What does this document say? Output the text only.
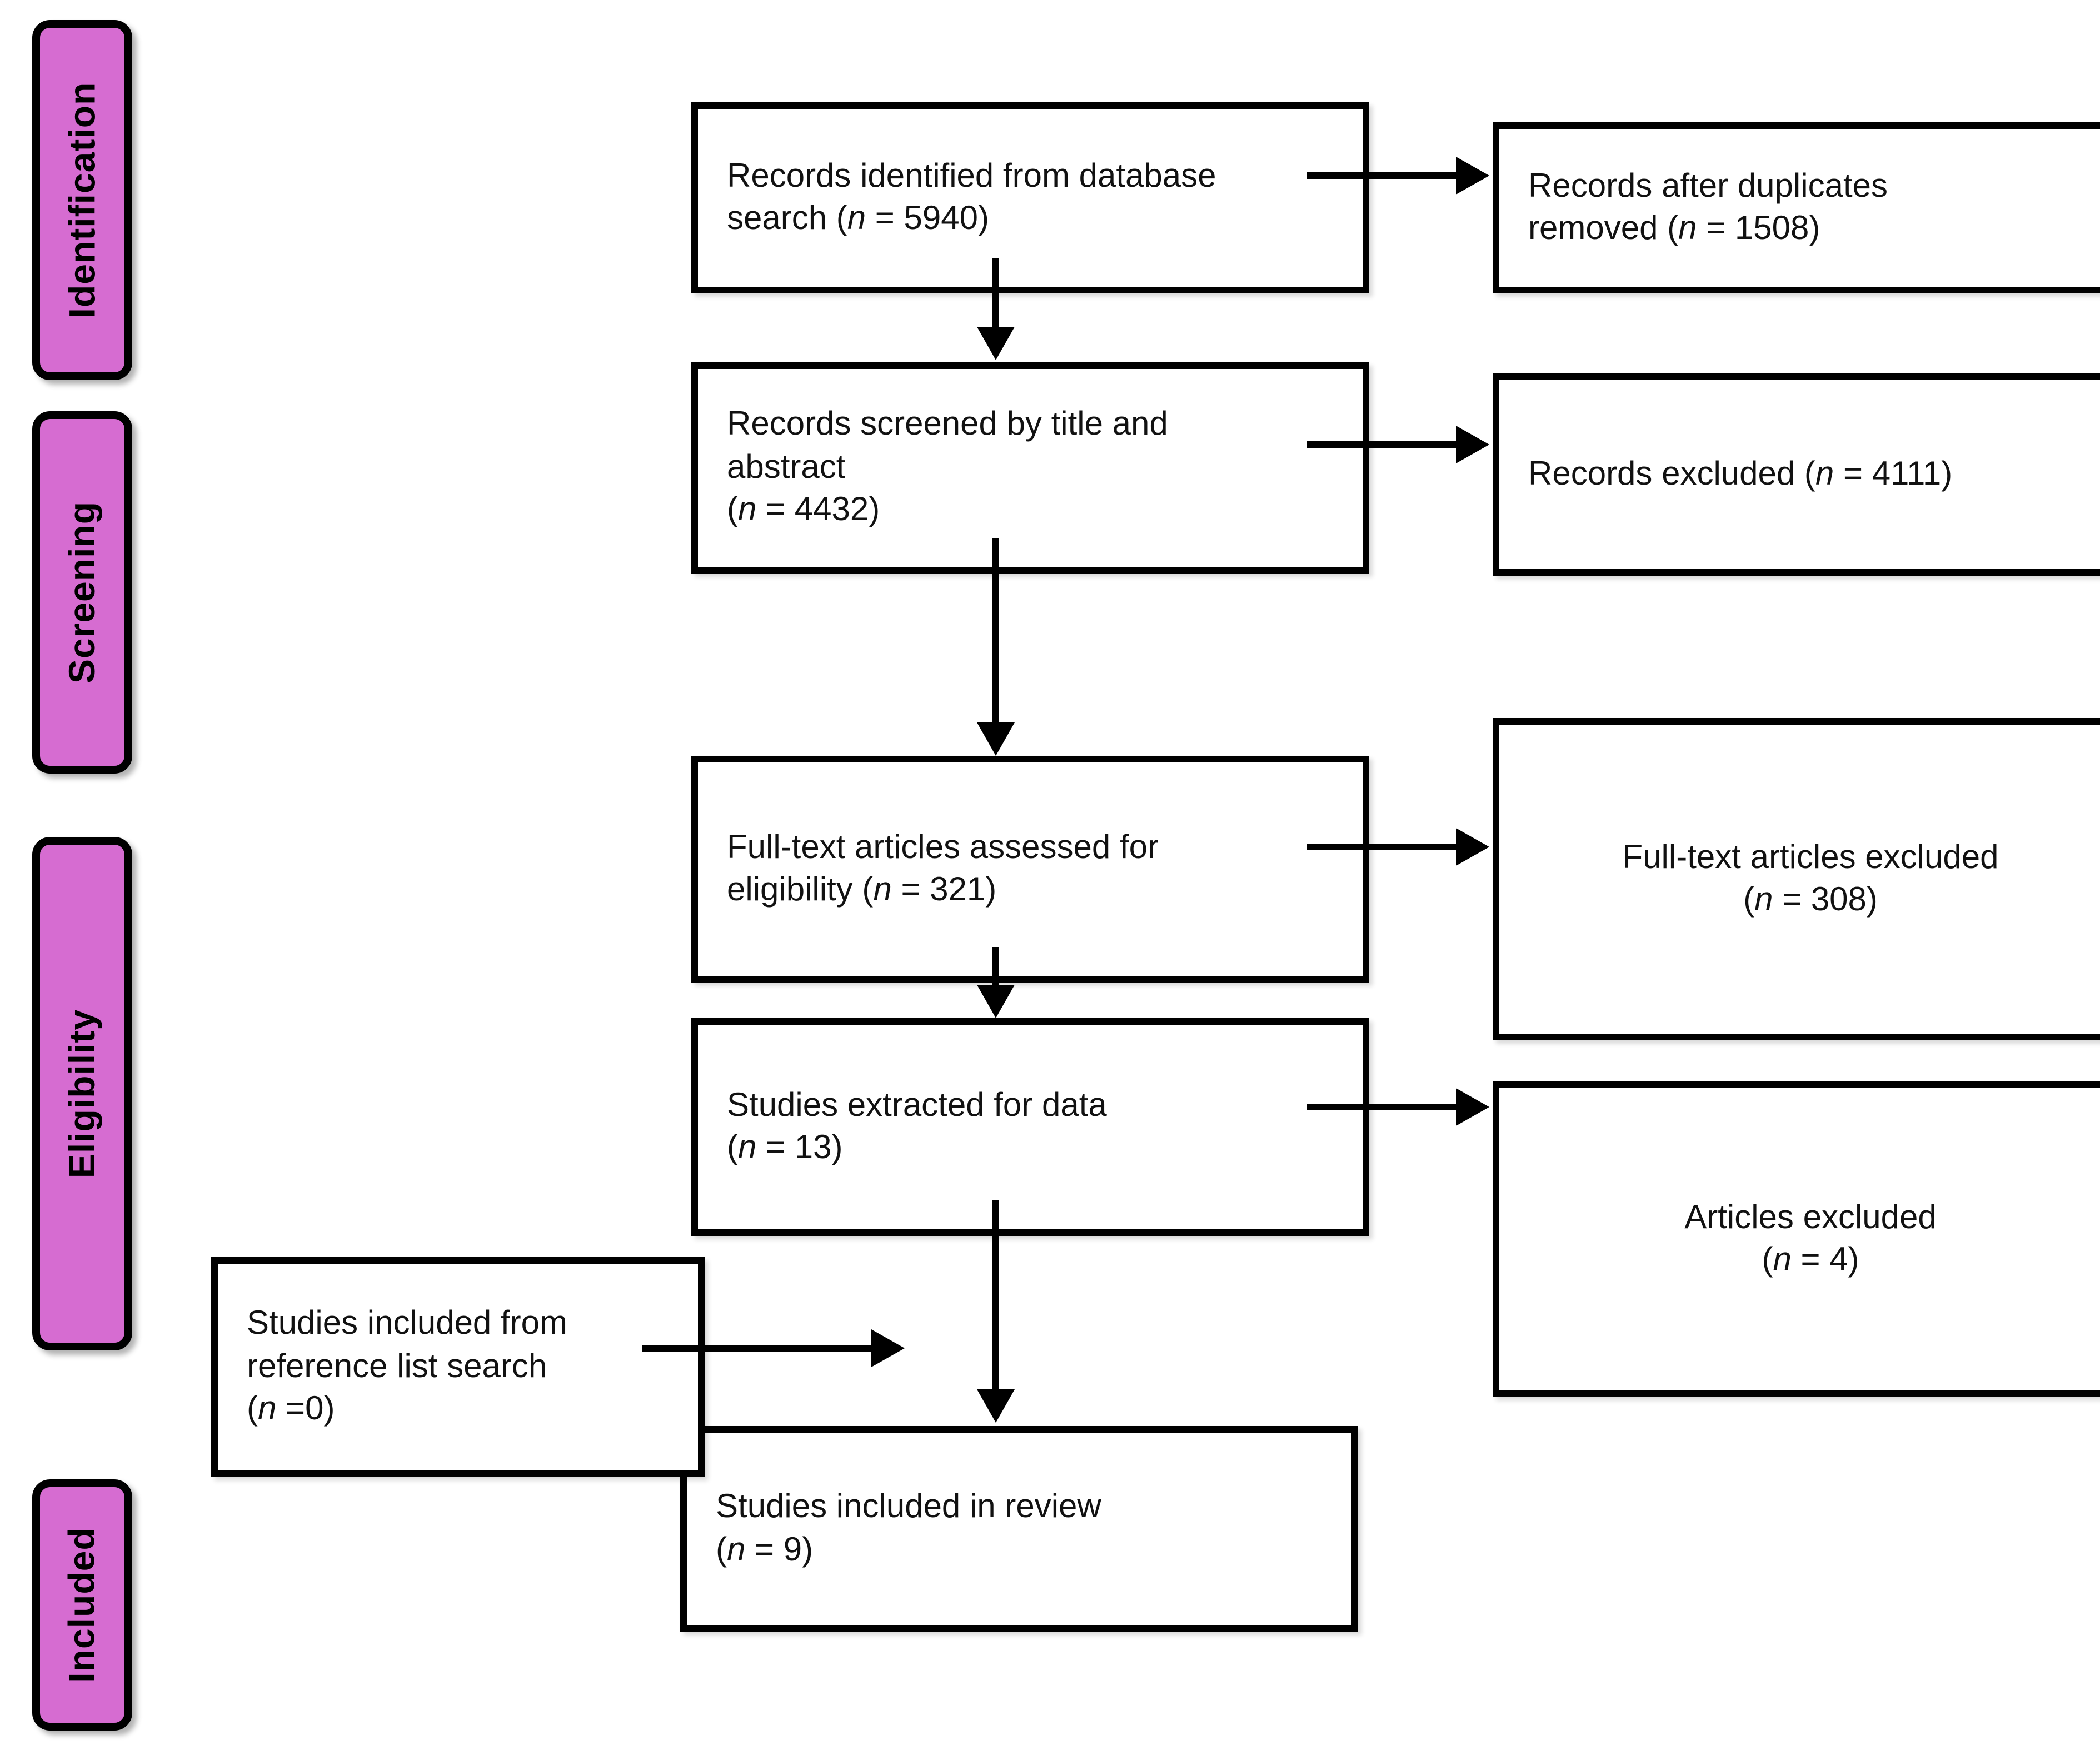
Identification
Screening
Eligibility
Included
Records identified from database
search (n = 5940)
Records screened by title and
abstract
(n = 4432)
Full-text articles assessed for
eligibility (n = 321)
Studies extracted for data
(n = 13)
Studies included in review
(n = 9)
Records after duplicates
removed (n = 1508)
Records excluded (n = 4111)
Full-text articles excluded
(n = 308)
Articles excluded
(n = 4)
Studies included from
reference list search
(n =0)
